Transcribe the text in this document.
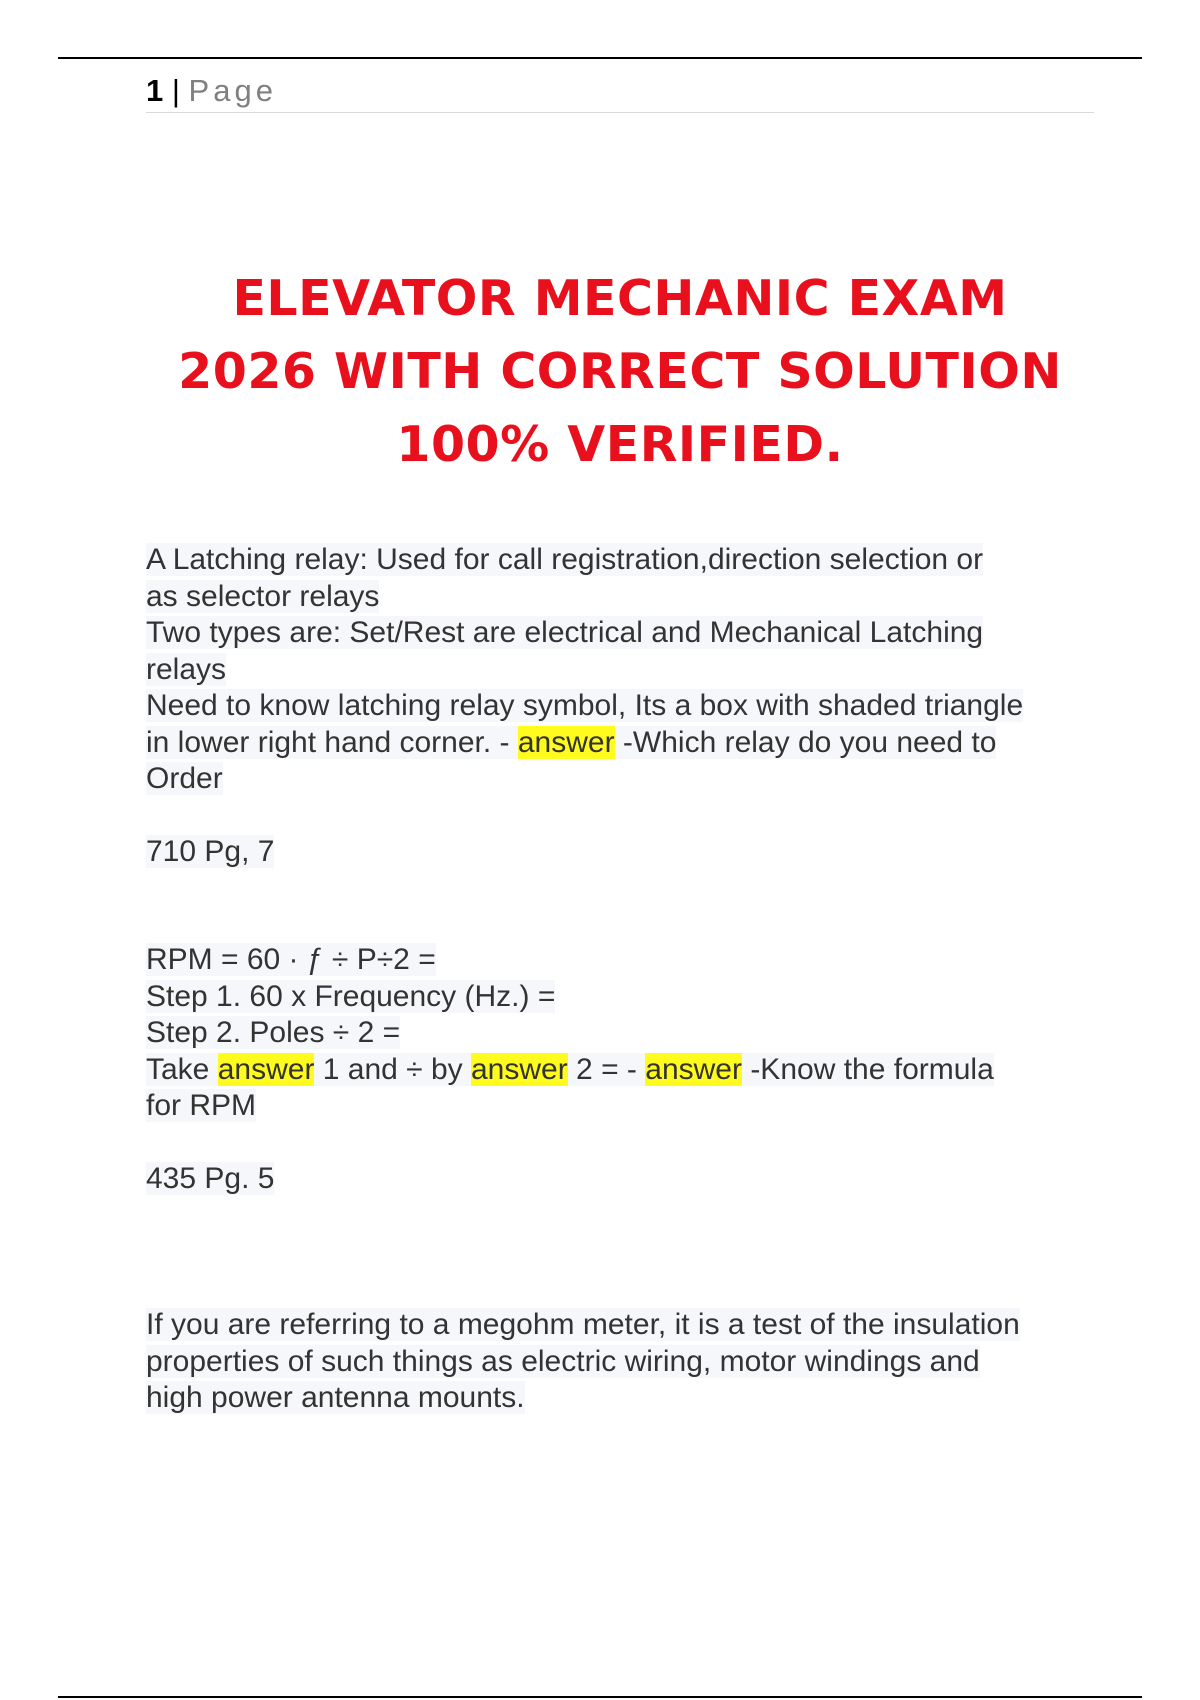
1 | Page
ELEVATOR MECHANIC EXAM
2026 WITH CORRECT SOLUTION
100% VERIFIED.

A Latching relay: Used for call registration,direction selection or

as selector relays

Two types are: Set/Rest are electrical and Mechanical Latching

relays

Need to know latching relay symbol, Its a box with shaded triangle

in lower right hand corner. - answer -Which relay do you need to

Order

710 Pg, 7

RPM = 60 · ƒ ÷ P÷2 =

Step 1. 60 x Frequency (Hz.) =

Step 2. Poles ÷ 2 =

Take answer 1 and ÷ by answer 2 = - answer -Know the formula

for RPM

435 Pg. 5

If you are referring to a megohm meter, it is a test of the insulation

properties of such things as electric wiring, motor windings and

high power antenna mounts.
